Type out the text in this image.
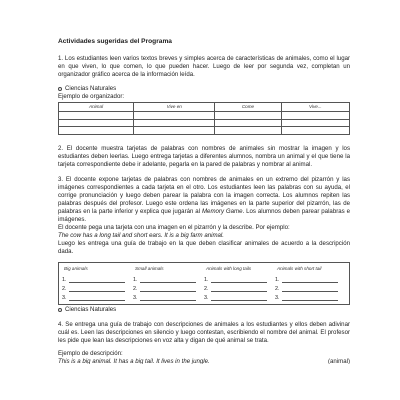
Actividades sugeridas del Programa

1. Los estudiantes leen varios textos breves y simples acerca de características de animales, como el lugar en que viven, lo que comen, lo que pueden hacer. Luego de leer por segunda vez, completan un organizador gráfico acerca de la información leída.

Ciencias Naturales
Ejemplo de organizador:
Animal	Vive en	Come	Vive...

2. El docente muestra tarjetas de palabras con nombres de animales sin mostrar la imagen y los estudiantes deben leerlas. Luego entrega tarjetas a diferentes alumnos, nombra un animal y el que tiene la tarjeta correspondiente debe ir adelante, pegarla en la pared de palabras y nombrar al animal.

3. El docente expone tarjetas de palabras con nombres de animales en un extremo del pizarrón y las imágenes correspondientes a cada tarjeta en el otro. Los estudiantes leen las palabras con su ayuda, el corrige pronunciación y luego deben parear la palabra con la imagen correcta. Los alumnos repiten las palabras después del profesor. Luego este ordena las imágenes en la parte superior del pizarrón, las de palabras en la parte inferior y explica que jugarán al Memory Game. Los alumnos deben parear palabras e imágenes.

El docente pega una tarjeta con una imagen en el pizarrón y la describe. Por ejemplo:

The cow has a long tail and short ears. It is a big farm animal.

Luego les entrega una guía de trabajo en la que deben clasificar animales de acuerdo a la descripción dada.

Big animals	Small animals	Animals with long tails	Animals with short tail
1.	1.	1.	1.
2.	2.	2.	2.
3.	3.	3.	3.
Ciencias Naturales

4. Se entrega una guía de trabajo con descripciones de animales a los estudiantes y ellos deben adivinar cuál es. Leen las descripciones en silencio y luego contestan, escribiendo el nombre del animal. El profesor les pide que lean las descripciones en voz alta y digan de qué animal se trata.

Ejemplo de descripción:
This is a big animal. It has a big tail. It lives in the jungle.	(animal)
